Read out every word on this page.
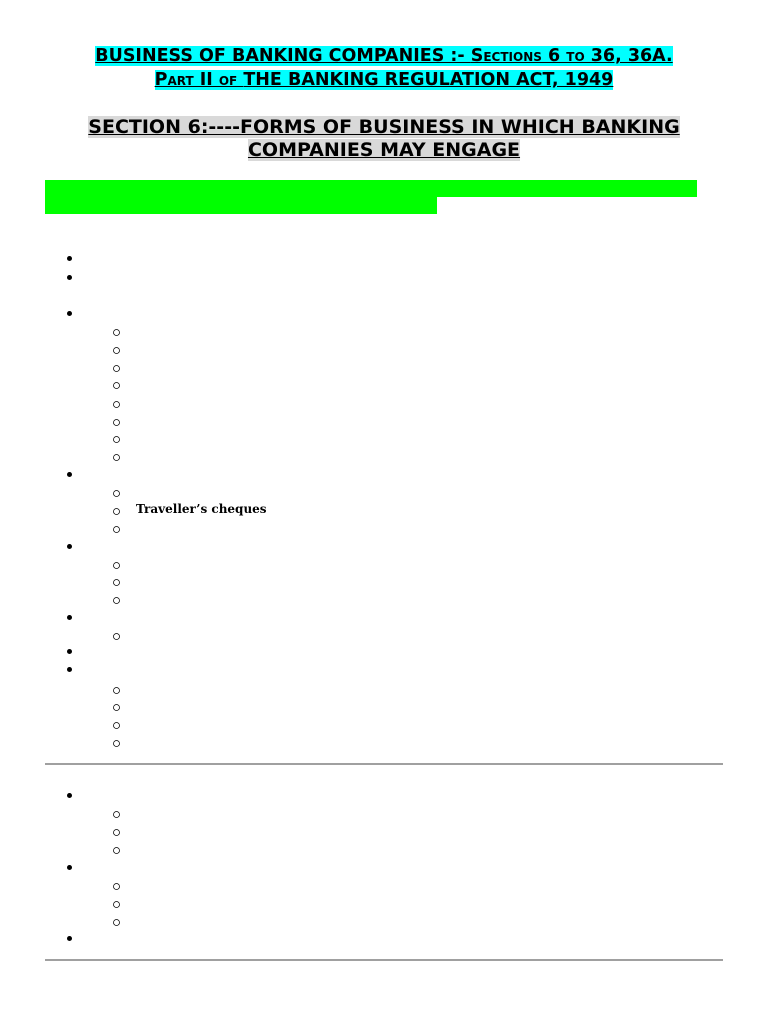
BUSINESS OF BANKING COMPANIES :- Sections 6 to 36, 36A.
Part II of THE BANKING REGULATION ACT, 1949
SECTION 6:----FORMS OF BUSINESS IN WHICH BANKING
COMPANIES MAY ENGAGE
Traveller’s cheques
